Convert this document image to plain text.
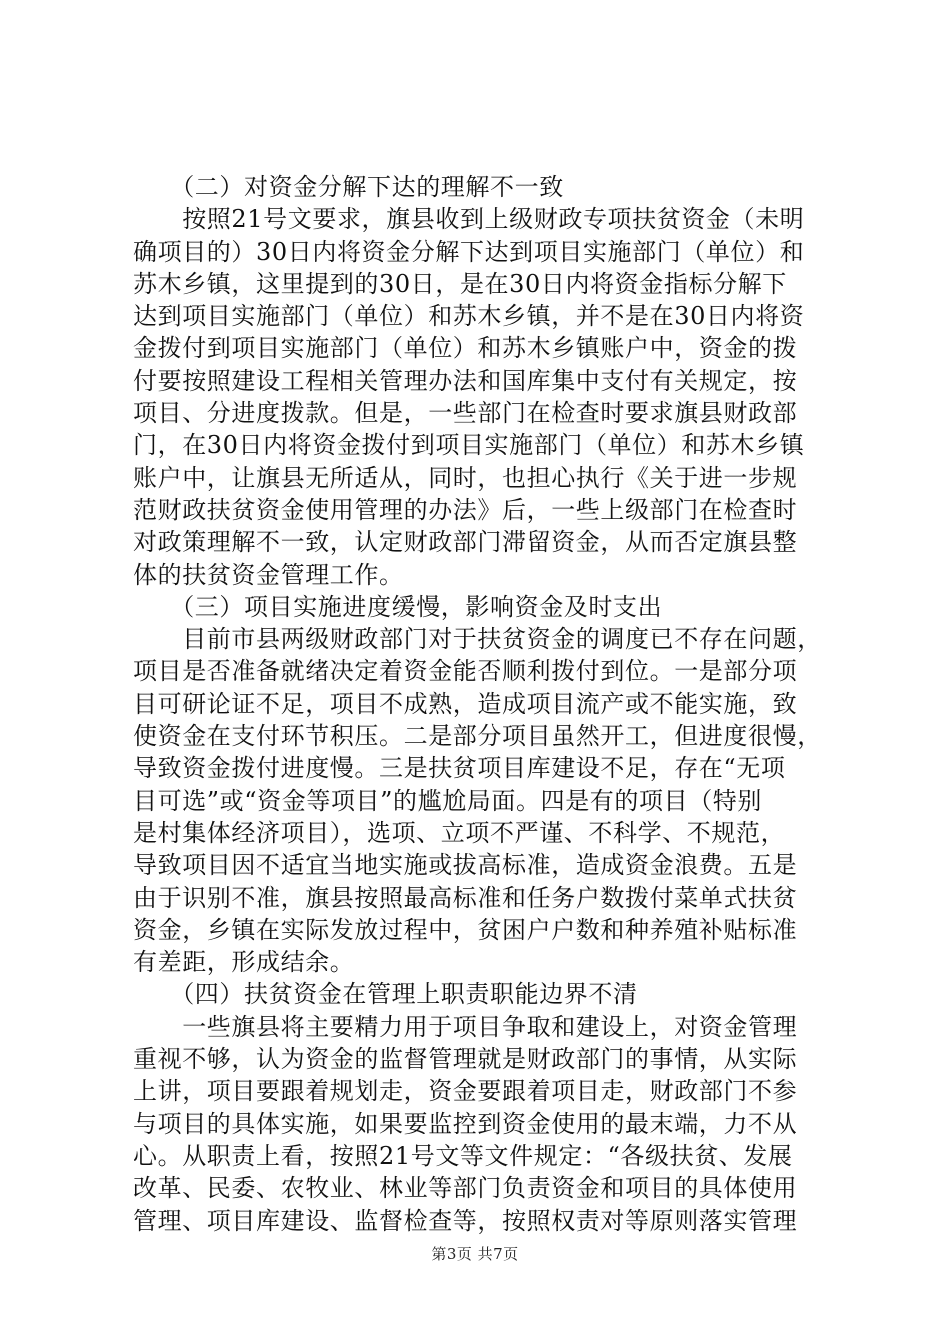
　　（二）对资金分解下达的理解不一致
　　按照21号文要求，旗县收到上级财政专项扶贫资金（未明
确项目的）30日内将资金分解下达到项目实施部门（单位）和
苏木乡镇，这里提到的30日，是在30日内将资金指标分解下
达到项目实施部门（单位）和苏木乡镇，并不是在30日内将资
金拨付到项目实施部门（单位）和苏木乡镇账户中，资金的拨
付要按照建设工程相关管理办法和国库集中支付有关规定，按
项目、分进度拨款。但是，一些部门在检查时要求旗县财政部
门，在30日内将资金拨付到项目实施部门（单位）和苏木乡镇
账户中，让旗县无所适从，同时，也担心执行《关于进一步规
范财政扶贫资金使用管理的办法》后，一些上级部门在检查时
对政策理解不一致，认定财政部门滞留资金，从而否定旗县整
体的扶贫资金管理工作。
　　（三）项目实施进度缓慢，影响资金及时支出
　　目前市县两级财政部门对于扶贫资金的调度已不存在问题，
项目是否准备就绪决定着资金能否顺利拨付到位。一是部分项
目可研论证不足，项目不成熟，造成项目流产或不能实施，致
使资金在支付环节积压。二是部分项目虽然开工，但进度很慢，
导致资金拨付进度慢。三是扶贫项目库建设不足，存在“无项
目可选”或“资金等项目”的尴尬局面。四是有的项目（特别
是村集体经济项目），选项、立项不严谨、不科学、不规范，
导致项目因不适宜当地实施或拔高标准，造成资金浪费。五是
由于识别不准，旗县按照最高标准和任务户数拨付菜单式扶贫
资金，乡镇在实际发放过程中，贫困户户数和种养殖补贴标准
有差距，形成结余。
　　（四）扶贫资金在管理上职责职能边界不清
　　一些旗县将主要精力用于项目争取和建设上，对资金管理
重视不够，认为资金的监督管理就是财政部门的事情，从实际
上讲，项目要跟着规划走，资金要跟着项目走，财政部门不参
与项目的具体实施，如果要监控到资金使用的最末端，力不从
心。从职责上看，按照21号文等文件规定：“各级扶贫、发展
改革、民委、农牧业、林业等部门负责资金和项目的具体使用
管理、项目库建设、监督检查等，按照权责对等原则落实管理
第3页 共7页
